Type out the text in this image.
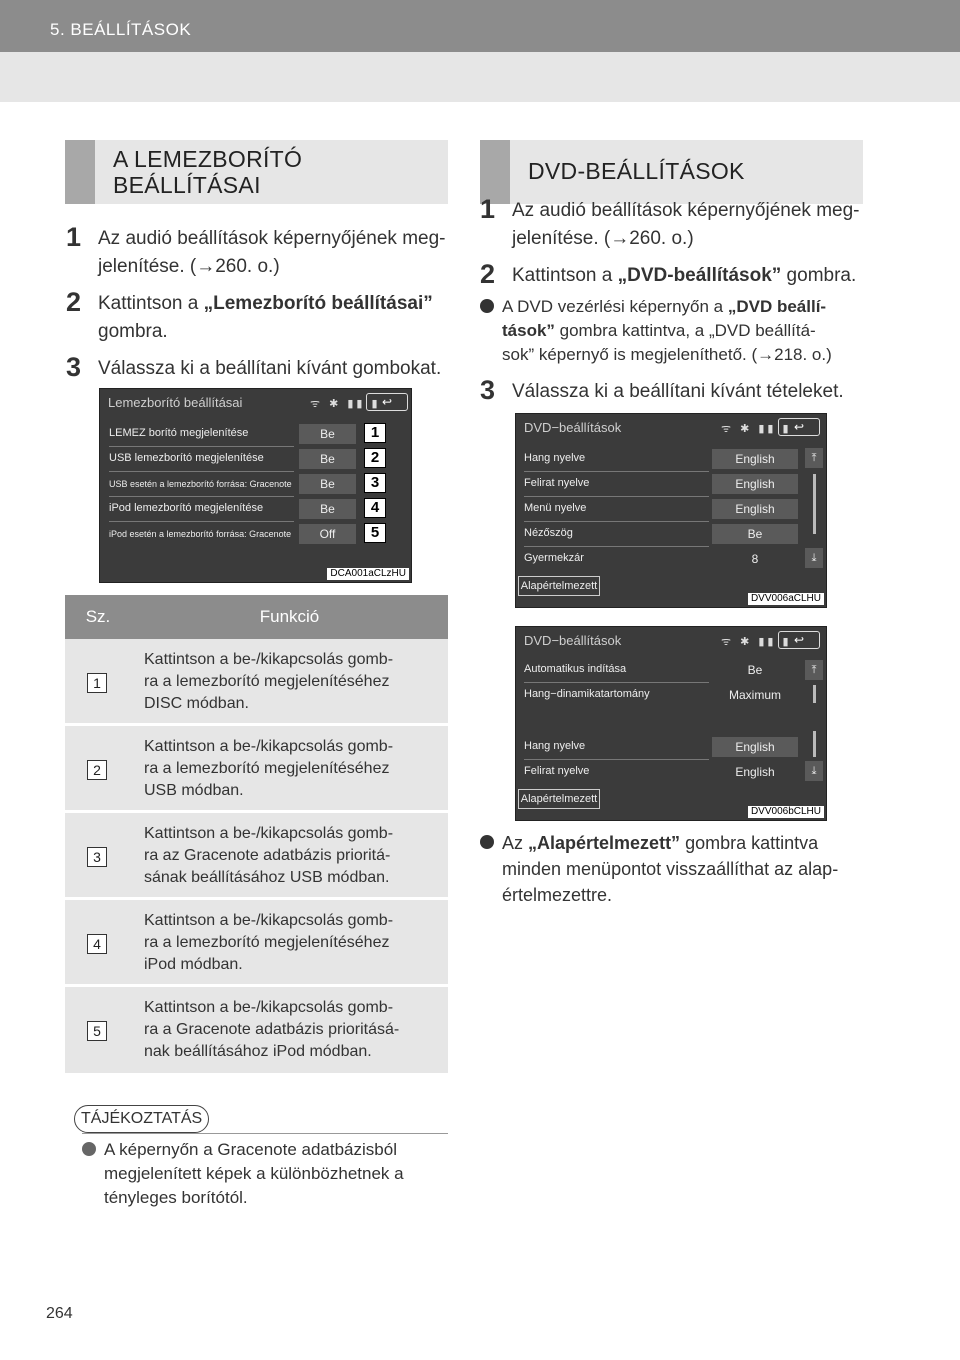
5. BEÁLLÍTÁSOK
A LEMEZBORÍTÓ
BEÁLLÍTÁSAI
1 Az audió beállítások képernyőjének meg-
jelenítése. (→260. o.)
2 Kattintson a „Lemezborító beállításai”
gombra.
3 Válassza ki a beállítani kívánt gombokat.
Lemezborító beállításai	ᯤ ✱ ▮▮ ▮ ↩
LEMEZ borító megjelenítése	Be	1
USB lemezborító megjelenítése	Be	2
USB esetén a lemezborító forrása: Gracenote	Be	3
iPod lemezborító megjelenítése	Be	4
iPod esetén a lemezborító forrása: Gracenote	Off	5
DCA001aCLzHU
Sz.	Funkció
1
Kattintson a be-/kikapcsolás gomb-
ra a lemezborító megjelenítéséhez
DISC módban.
2
Kattintson a be-/kikapcsolás gomb-
ra a lemezborító megjelenítéséhez
USB módban.
3
Kattintson a be-/kikapcsolás gomb-
ra az Gracenote adatbázis prioritá-
sának beállításához USB módban.
4
Kattintson a be-/kikapcsolás gomb-
ra a lemezborító megjelenítéséhez
iPod módban.
5
Kattintson a be-/kikapcsolás gomb-
ra a Gracenote adatbázis prioritásá-
nak beállításához iPod módban.
TÁJÉKOZTATÁS
A képernyőn a Gracenote adatbázisból
megjelenített képek a különbözhetnek a
tényleges borítótól.
DVD-BEÁLLÍTÁSOK
1 Az audió beállítások képernyőjének meg-
jelenítése. (→260. o.)
2 Kattintson a „DVD-beállítások” gombra.
A DVD vezérlési képernyőn a „DVD beállí-
tások” gombra kattintva, a „DVD beállítá-
sok” képernyő is megjeleníthető. (→218. o.)
3 Válassza ki a beállítani kívánt tételeket.
DVD−beállítások	ᯤ ✱ ▮▮ ▮ ↩
Hang nyelve	English
Felirat nyelve	English
Menü nyelve	English
Nézőszög	Be
Gyermekzár	8
⤒
⤓
Alapértelmezett
DVV006aCLHU
DVD−beállítások	ᯤ ✱ ▮▮ ▮ ↩
Automatikus indítása	Be
Hang−dinamikatartomány	Maximum
Hang nyelve	English
Felirat nyelve	English
⤒
⤓
Alapértelmezett
DVV006bCLHU
Az „Alapértelmezett” gombra kattintva
minden menüpontot visszaállíthat az alap-
értelmezettre.
264
